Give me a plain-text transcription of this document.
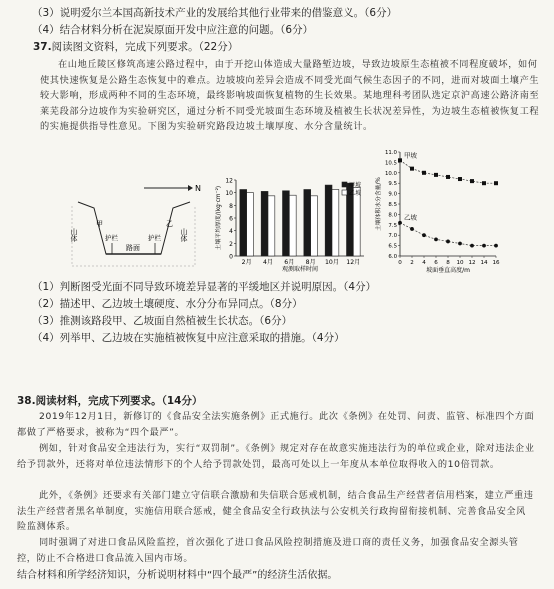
（3）说明爱尔兰本国高新技术产业的发展给其他行业带来的借鉴意义。（6分）
（4）结合材料分析在泥炭原面开发中应注意的问题。（6分）
37.阅读图文资料，完成下列要求。（22分）
在山地丘陵区修筑高速公路过程中，由于开挖山体造成大量路堑边坡，导致边坡原生态植被不同程度破坏，如何使其快速恢复是公路生态恢复中的难点。边坡坡向差异会造成不同受光面气候生态因子的不同，进而对坡面土壤产生较大影响，形成两种不同的生态环境，最终影响坡面恢复植物的生长效果。某地理科考团队选定京沪高速公路济南至莱芜段部分边坡作为实验研究区，通过分析不同受光坡面生态环境及植被生长状况差异性，为边坡生态植被恢复工程的实施提供指导性意见。下图为实验研究路段边坡土壤厚度、水分含量统计。
N
山体	山体
护栏	护栏
路面
甲	乙
0
2
4
6
8
10
12
2月 4月 6月 8月 10月 12月
观测取样时间
土壤平均厚度/(kg·cm⁻²)
甲坡
乙坡
6.0
6.5
7.0
7.5
8.0
8.5
9.0
9.5
10.0
10.5
11.0
0 2 4 6 8 10 12 14 16
甲坡
乙坡
坡面垂直高度/m
土壤体积水分含量/%
（1）判断图受光面不同导致环境差异显著的平缓地区并说明原因。（4分）
（2）描述甲、乙边坡土壤硬度、水分分布异同点。（8分）
（3）推测该路段甲、乙坡面自然植被生长状态。（6分）
（4）列举甲、乙边坡在实施植被恢复中应注意采取的措施。（4分）
38.阅读材料，完成下列要求。（14分）
2019年12月1日，新修订的《食品安全法实施条例》正式施行。此次《条例》在处罚、问责、监管、标准四个方面都做了严格要求，被称为“四个最严”。
例如，针对食品安全违法行为，实行“双罚制”。《条例》规定对存在故意实施违法行为的单位或企业，除对违法企业给予罚款外，还将对单位违法情形下的个人给予罚款处罚，最高可处以上一年度从本单位取得收入的10倍罚款。
此外，《条例》还要求有关部门建立守信联合激励和失信联合惩戒机制，结合食品生产经营者信用档案，建立严重违法生产经营者黑名单制度，实施信用联合惩戒，健全食品安全行政执法与公安机关行政拘留衔接机制、完善食品安全风险监测体系。
同时强调了对进口食品风险监控，首次强化了进口食品风险控制措施及进口商的责任义务，加强食品安全源头管控，防止不合格进口食品流入国内市场。
结合材料和所学经济知识，分析说明材料中“四个最严”的经济生活依据。
